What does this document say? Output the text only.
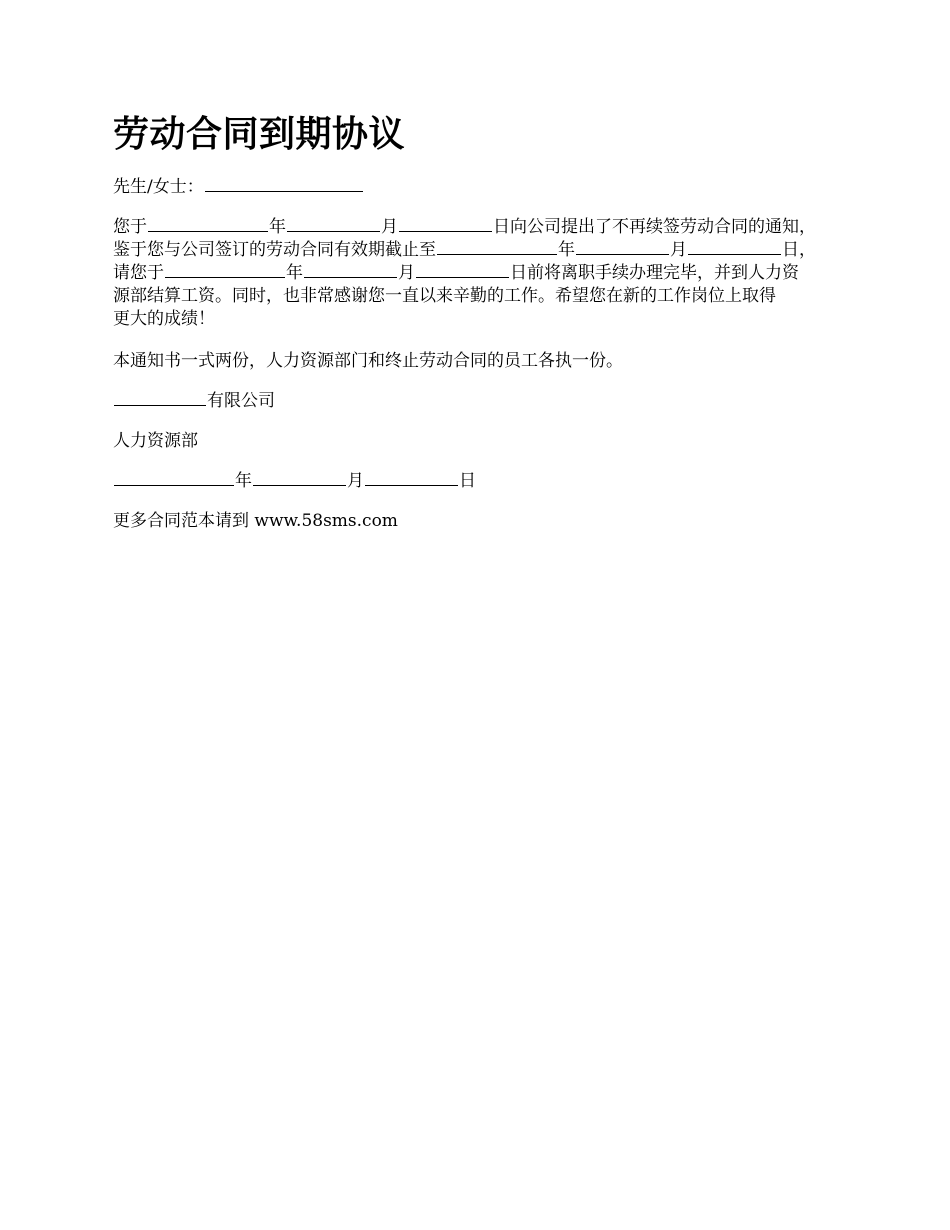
劳动合同到期协议
先生/女士：
您于	年	月	日向公司提出了不再续签劳动合同的通知，
鉴于您与公司签订的劳动合同有效期截止至	年	月	日，
请您于	年	月	日前将离职手续办理完毕，并到人力资
源部结算工资。同时，也非常感谢您一直以来辛勤的工作。希望您在新的工作岗位上取得
更大的成绩！
本通知书一式两份，人力资源部门和终止劳动合同的员工各执一份。
有限公司
人力资源部
年	月	日
更多合同范本请到 www.58sms.com
